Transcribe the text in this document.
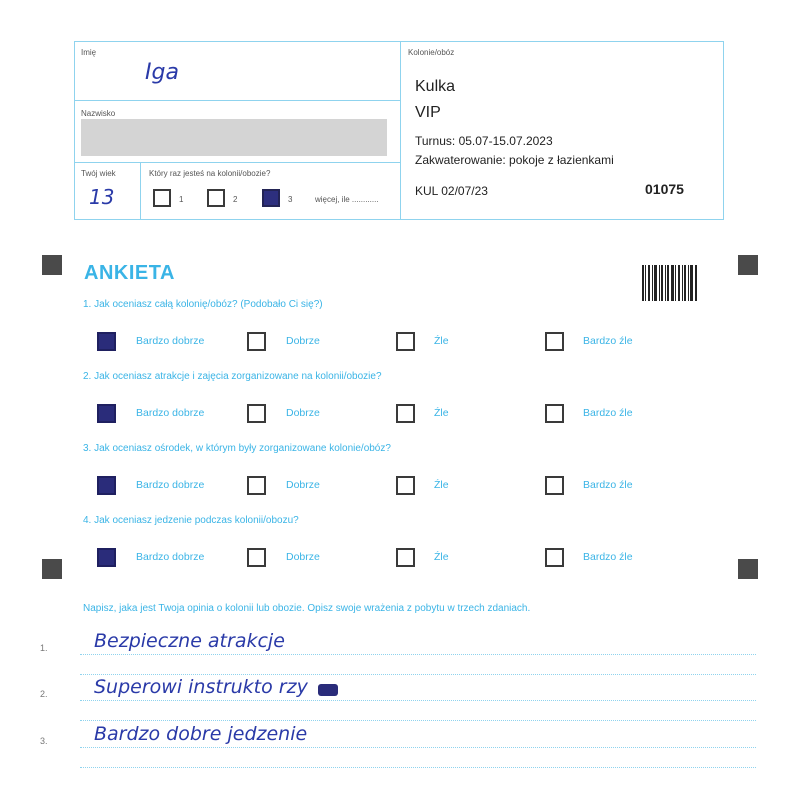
Imię
Iga
Nazwisko
Twój wiek
13
Który raz jesteś na kolonii/obozie?
1	2	3	więcej, ile ............
Kolonie/obóz
Kulka
VIP
Turnus: 05.07-15.07.2023
Zakwaterowanie: pokoje z łazienkami
KUL 02/07/23	01075
ANKIETA
1. Jak oceniasz całą kolonię/obóz? (Podobało Ci się?)
Bardzo dobrze	Dobrze	Źle	Bardzo źle
2. Jak oceniasz atrakcje i zajęcia zorganizowane na kolonii/obozie?
Bardzo dobrze	Dobrze	Źle	Bardzo źle
3. Jak oceniasz ośrodek, w którym były zorganizowane kolonie/obóz?
Bardzo dobrze	Dobrze	Źle	Bardzo źle
4. Jak oceniasz jedzenie podczas kolonii/obozu?
Bardzo dobrze	Dobrze	Źle	Bardzo źle
Napisz, jaka jest Twoja opinia o kolonii lub obozie. Opisz swoje wrażenia z pobytu w trzech zdaniach.
1. Bezpieczne atrakcje
2. Superowi instrukto rzy
3. Bardzo dobre jedzenie
